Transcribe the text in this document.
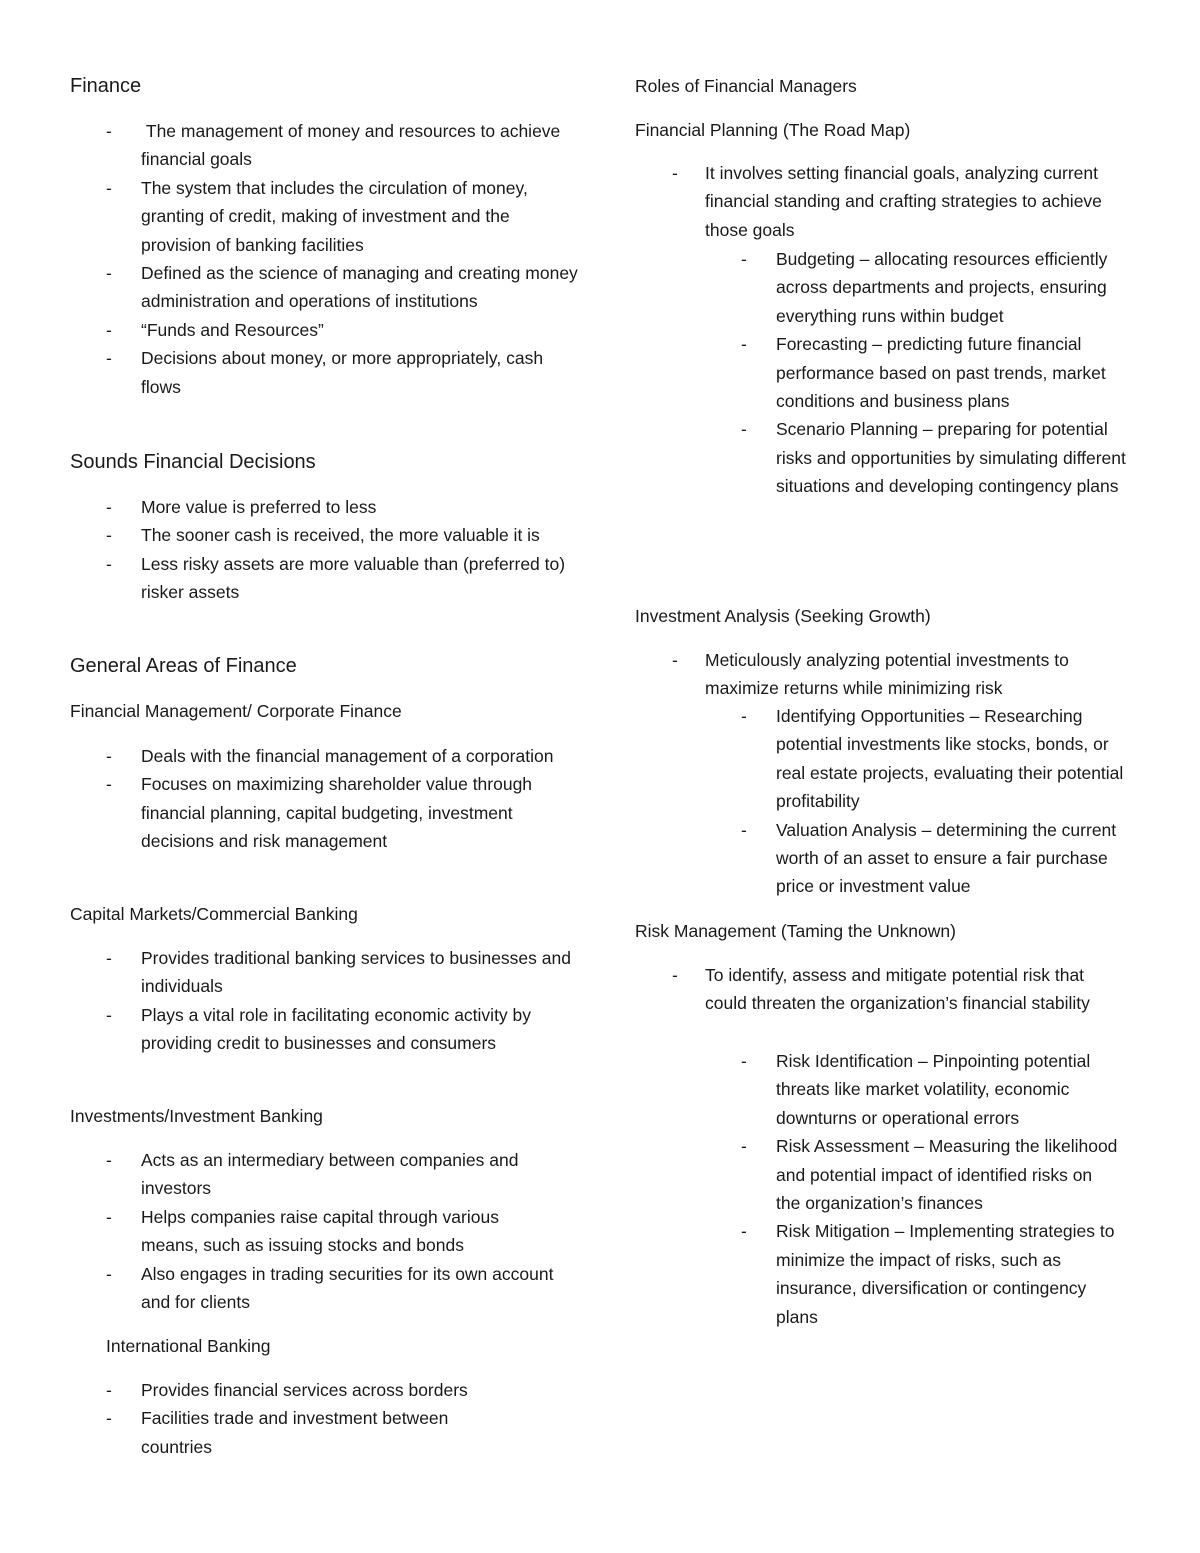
Finance
-  The management of money and resources to achieve financial goals
- The system that includes the circulation of money, granting of credit, making of investment and the provision of banking facilities
- Defined as the science of managing and creating money administration and operations of institutions
- “Funds and Resources”
- Decisions about money, or more appropriately, cash flows
Sounds Financial Decisions
- More value is preferred to less
- The sooner cash is received, the more valuable it is
- Less risky assets are more valuable than (preferred to) risker assets
General Areas of Finance
Financial Management/ Corporate Finance
- Deals with the financial management of a corporation
- Focuses on maximizing shareholder value through financial planning, capital budgeting, investment decisions and risk management
Capital Markets/Commercial Banking
- Provides traditional banking services to businesses and individuals
- Plays a vital role in facilitating economic activity by providing credit to businesses and consumers
Investments/Investment Banking
- Acts as an intermediary between companies and investors
- Helps companies raise capital through various means, such as issuing stocks and bonds
- Also engages in trading securities for its own account and for clients
International Banking
- Provides financial services across borders
- Facilities trade and investment between countries
Roles of Financial Managers
Financial Planning (The Road Map)
- It involves setting financial goals, analyzing current financial standing and crafting strategies to achieve those goals
- Budgeting – allocating resources efficiently across departments and projects, ensuring everything runs within budget
- Forecasting – predicting future financial performance based on past trends, market conditions and business plans
- Scenario Planning – preparing for potential risks and opportunities by simulating different situations and developing contingency plans
Investment Analysis (Seeking Growth)
- Meticulously analyzing potential investments to maximize returns while minimizing risk
- Identifying Opportunities – Researching potential investments like stocks, bonds, or real estate projects, evaluating their potential profitability
- Valuation Analysis – determining the current worth of an asset to ensure a fair purchase price or investment value
Risk Management (Taming the Unknown)
- To identify, assess and mitigate potential risk that could threaten the organization’s financial stability
- Risk Identification – Pinpointing potential threats like market volatility, economic downturns or operational errors
- Risk Assessment – Measuring the likelihood and potential impact of identified risks on the organization’s finances
- Risk Mitigation – Implementing strategies to minimize the impact of risks, such as insurance, diversification or contingency plans
